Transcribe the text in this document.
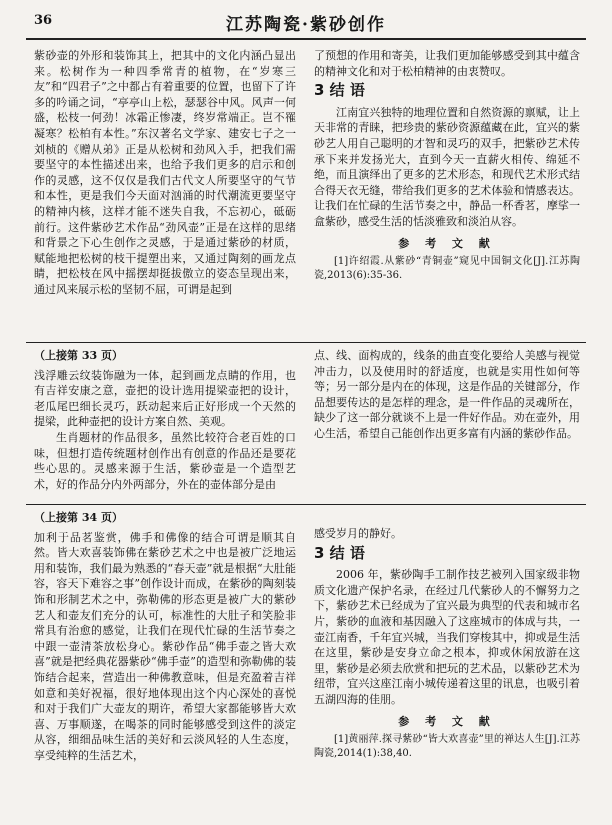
36	江苏陶瓷·紫砂创作

紫砂壶的外形和装饰其上，把其中的文化内涵凸显出来。松树作为一种四季常青的植物，在“岁寒三友”和“四君子”之中都占有着重要的位置，也留下了许多的吟诵之词，“亭亭山上松，瑟瑟谷中风。风声一何盛，松枝一何劲！冰霜正惨凄，终岁常端正。岂不罹凝寒？松柏有本性。”东汉著名文学家、建安七子之一刘桢的《赠从弟》正是从松树和劲风入手，把我们需要坚守的本性描述出来，也给予我们更多的启示和创作的灵感，这不仅仅是我们古代文人所要坚守的气节和本性，更是我们今天面对汹涌的时代潮流更要坚守的精神内核，这样才能不迷失自我，不忘初心，砥砺前行。这件紫砂艺术作品“劲风壶”正是在这样的思绪和背景之下心生创作之灵感，于是通过紫砂的材质，赋能地把松树的枝干提塑出来，又通过陶刻的画龙点睛，把松枝在风中摇摆却挺拔傲立的姿态呈现出来，通过风来展示松的坚韧不屈，可谓是起到

了预想的作用和寄美，让我们更加能够感受到其中蕴含的精神文化和对于松柏精神的由衷赞叹。

3 结 语

江南宜兴独特的地理位置和自然资源的禀赋，让上天非常的青睐，把珍贵的紫砂资源蕴藏在此，宜兴的紫砂艺人用自己聪明的才智和灵巧的双手，把紫砂艺术传承下来并发扬光大，直到今天一直薪火相传、绵延不绝，而且演绎出了更多的艺术形态，和现代艺术形式结合得天衣无缝，带给我们更多的艺术体验和情感表达。让我们在忙碌的生活节奏之中，静品一杯香茗，摩挲一盒紫砂，感受生活的恬淡雅致和淡泊从容。

参 考 文 献

[1]许绍霞.从紫砂“青铜壶”窥见中国铜文化[J].江苏陶瓷,2013(6):35-36.

（上接第 33 页）

浅浮雕云纹装饰融为一体，起到画龙点睛的作用，也有吉祥安康之意，壶把的设计选用提梁壶把的设计，老瓜尾巴细长灵巧，跃动起来后正好形成一个天然的提梁，此种壶把的设计方案自然、美观。

生肖题材的作品很多，虽然比较符合老百姓的口味，但想打造传统题材创作出有创意的作品还是要花些心思的。灵感来源于生活，紫砂壶是一个造型艺术，好的作品分内外两部分，外在的壶体部分是由

点、线、面构成的，线条的曲直变化要给人美感与视觉冲击力，以及使用时的舒适度，也就是实用性如何等等；另一部分是内在的体现，这是作品的关键部分，作品想要传达的是怎样的理念，是一件作品的灵魂所在，缺少了这一部分就谈不上是一件好作品。劝在壶外，用心生活，希望自己能创作出更多富有内涵的紫砂作品。

（上接第 34 页）

加利于品茗鉴赏，佛手和佛像的结合可谓是顺其自然。皆大欢喜装饰佛在紫砂艺术之中也是被广泛地运用和装饰，我们最为熟悉的“春天壶”就是根据“大肚能容，容天下难容之事”创作设计而成，在紫砂的陶刻装饰和形制艺术之中，弥勒佛的形态更是被广大的紫砂艺人和壶友们充分的认可，标准性的大肚子和笑脸非常具有治愈的感觉，让我们在现代忙碌的生活节奏之中跟一壶清茶放松身心。紫砂作品“佛手壶之皆大欢喜”就是把经典花器紫砂“佛手壶”的造型和弥勒佛的装饰结合起来，营造出一种佛教意味，但是充盈着吉祥如意和美好祝福，很好地体现出这个内心深处的喜悦和对于我们广大壶友的期许，希望大家都能够皆大欢喜、万事顺遂，在喝茶的同时能够感受到这件的淡定从容，细细品味生活的美好和云淡风轻的人生态度，享受纯粹的生活艺术，

感受岁月的静好。

3 结 语

2006 年，紫砂陶手工制作技艺被列入国家级非物质文化遗产保护名录，在经过几代紫砂人的不懈努力之下，紫砂艺术已经成为了宜兴最为典型的代表和城市名片，紫砂的血液和基因融入了这座城市的体成与共，一壶江南香，千年宜兴城，当我们穿梭其中，抑或是生活在这里，紫砂是安身立命之根本，抑或休闲放游在这里，紫砂是必须去欣赏和把玩的艺术品，以紫砂艺术为纽带，宜兴这座江南小城传递着这里的讯息，也吸引着五湖四海的佳朋。

参 考 文 献

[1]黄丽萍.探寻紫砂“皆大欢喜壶”里的禅达人生[J].江苏陶瓷,2014(1):38,40.
